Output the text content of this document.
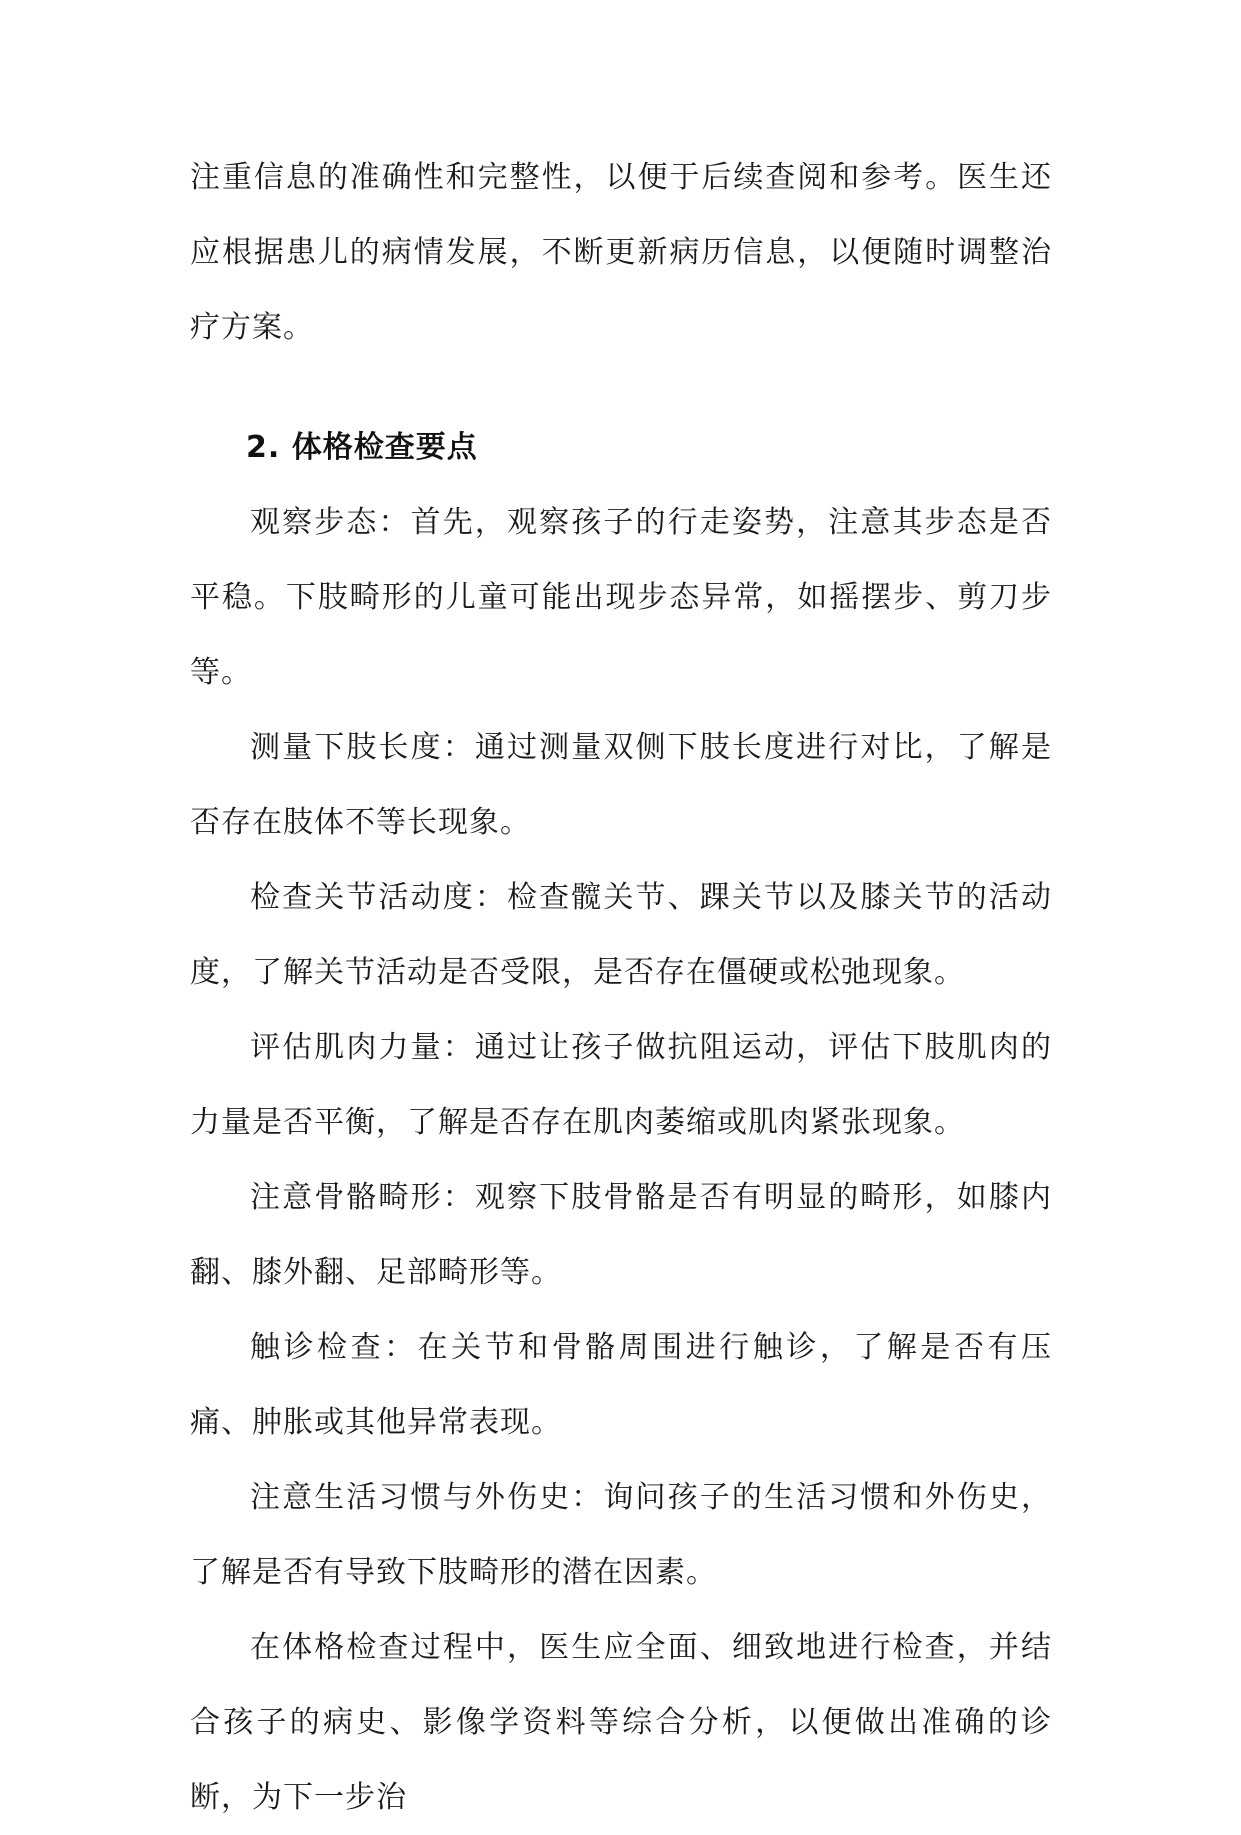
注重信息的准确性和完整性，以便于后续查阅和参考。医生还应根据患儿的病情发展，不断更新病历信息，以便随时调整治疗方案。

2. 体格检查要点

观察步态：首先，观察孩子的行走姿势，注意其步态是否平稳。下肢畸形的儿童可能出现步态异常，如摇摆步、剪刀步等。

测量下肢长度：通过测量双侧下肢长度进行对比，了解是否存在肢体不等长现象。

检查关节活动度：检查髋关节、踝关节以及膝关节的活动度，了解关节活动是否受限，是否存在僵硬或松弛现象。

评估肌肉力量：通过让孩子做抗阻运动，评估下肢肌肉的力量是否平衡，了解是否存在肌肉萎缩或肌肉紧张现象。

注意骨骼畸形：观察下肢骨骼是否有明显的畸形，如膝内翻、膝外翻、足部畸形等。

触诊检查：在关节和骨骼周围进行触诊，了解是否有压痛、肿胀或其他异常表现。

注意生活习惯与外伤史：询问孩子的生活习惯和外伤史，了解是否有导致下肢畸形的潜在因素。

在体格检查过程中，医生应全面、细致地进行检查，并结合孩子的病史、影像学资料等综合分析，以便做出准确的诊断，为下一步治
